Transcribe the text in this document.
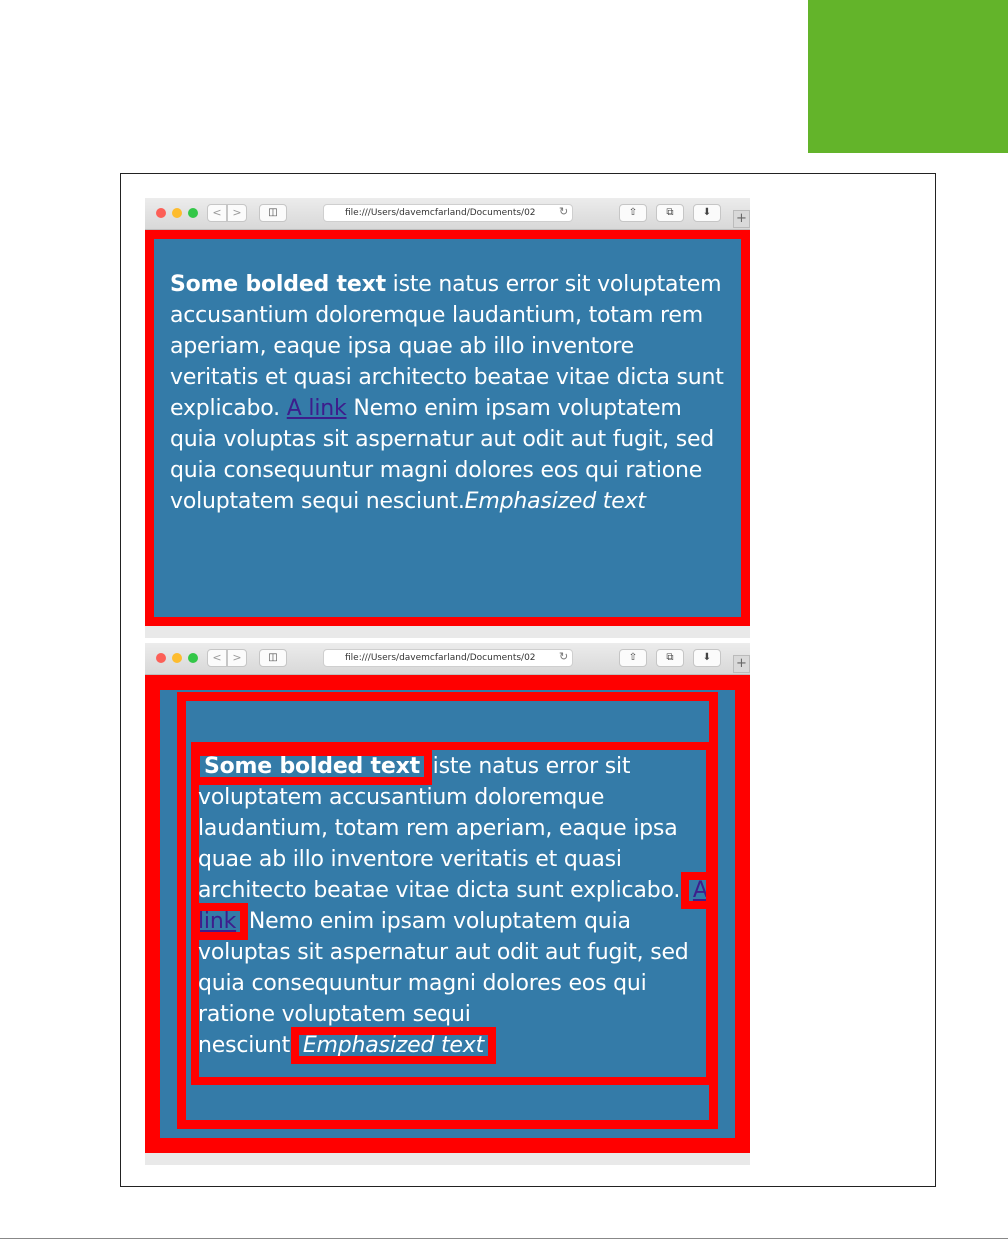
< >	◫	file:///Users/davemcfarland/Documents/02	↻	⇧	⧉	⬇	+

Some bolded text iste natus error sit voluptatem accusantium doloremque laudantium, totam rem aperiam, eaque ipsa quae ab illo inventore veritatis et quasi architecto beatae vitae dicta sunt explicabo. A link Nemo enim ipsam voluptatem quia voluptas sit aspernatur aut odit aut fugit, sed quia consequuntur magni dolores eos qui ratione voluptatem sequi nesciunt.Emphasized text

< >	◫	file:///Users/davemcfarland/Documents/02	↻	⇧	⧉	⬇	+

Some bolded text iste natus error sit voluptatem accusantium doloremque laudantium, totam rem aperiam, eaque ipsa quae ab illo inventore veritatis et quasi architecto beatae vitae dicta sunt explicabo. A link Nemo enim ipsam voluptatem quia voluptas sit aspernatur aut odit aut fugit, sed quia consequuntur magni dolores eos qui ratione voluptatem sequi nesciunt. Emphasized text
